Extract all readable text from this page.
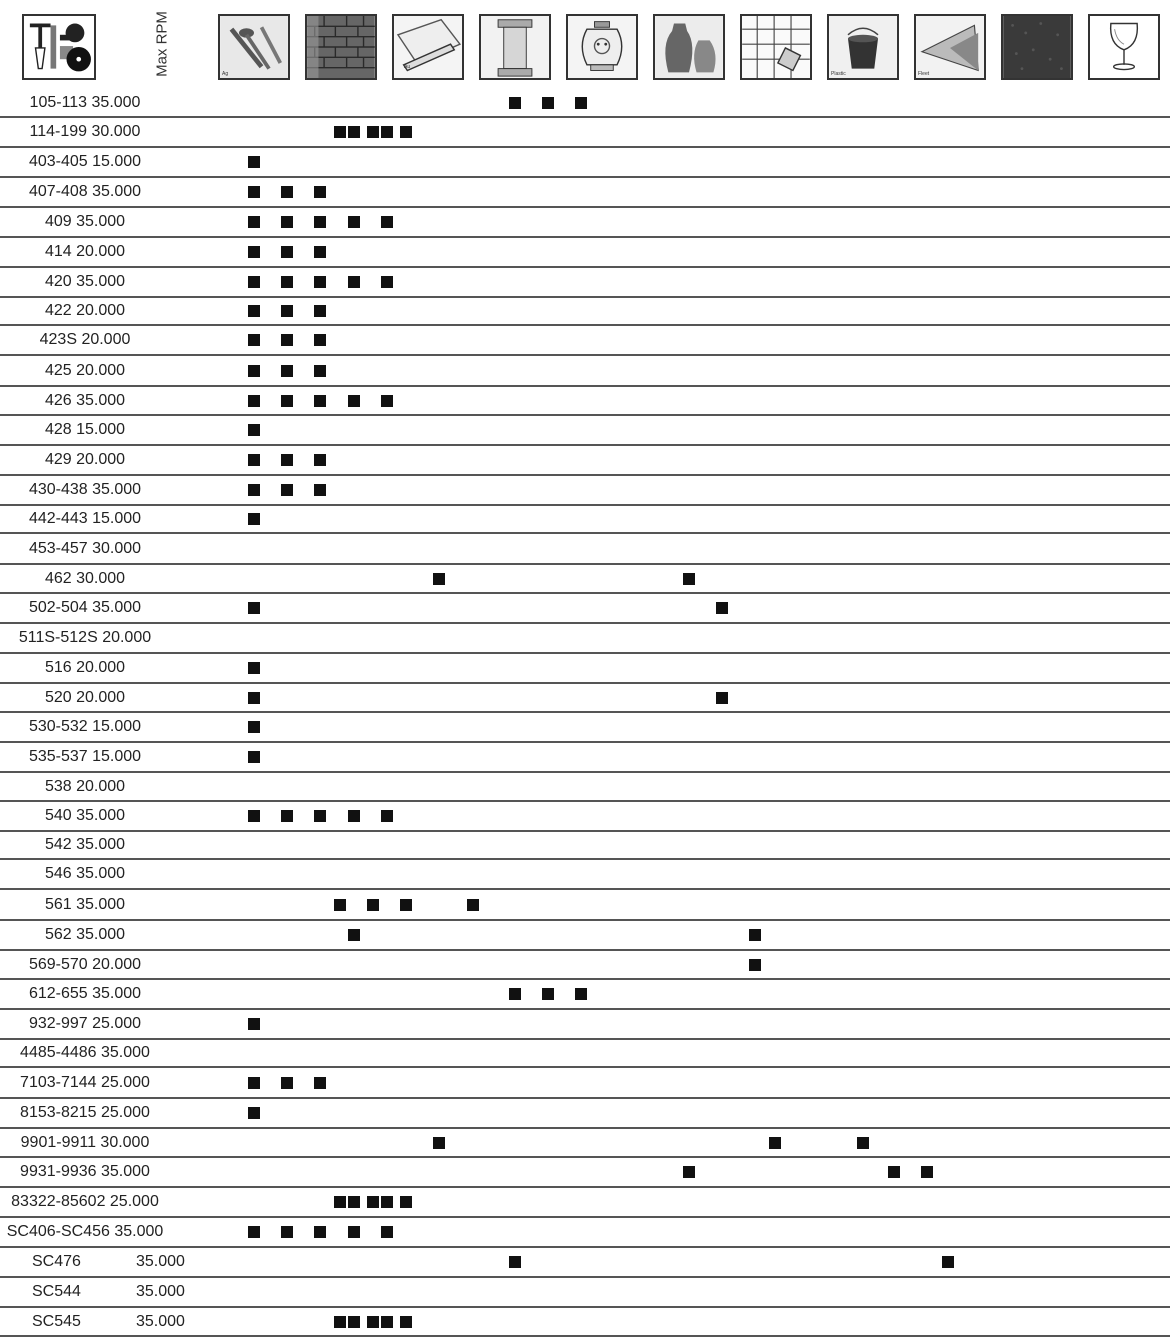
Max RPM	Ag
Au
Plastic	Fleet
105-113 35.000
114-199 30.000
403-405 15.000
407-408 35.000
409 35.000
414 20.000
420 35.000
422 20.000
423S 20.000
425 20.000
426 35.000
428 15.000
429 20.000
430-438 35.000
442-443 15.000
453-457 30.000
462 30.000
502-504 35.000
511S-512S 20.000
516 20.000
520 20.000
530-532 15.000
535-537 15.000
538 20.000
540 35.000
542 35.000
546 35.000
561 35.000
562 35.000
569-570 20.000
612-655 35.000
932-997 25.000
4485-4486 35.000
7103-7144 25.000
8153-8215 25.000
9901-9911 30.000
9931-9936 35.000
83322-85602 25.000
SC406-SC456 35.000
SC476	35.000
SC544	35.000
SC545	35.000
